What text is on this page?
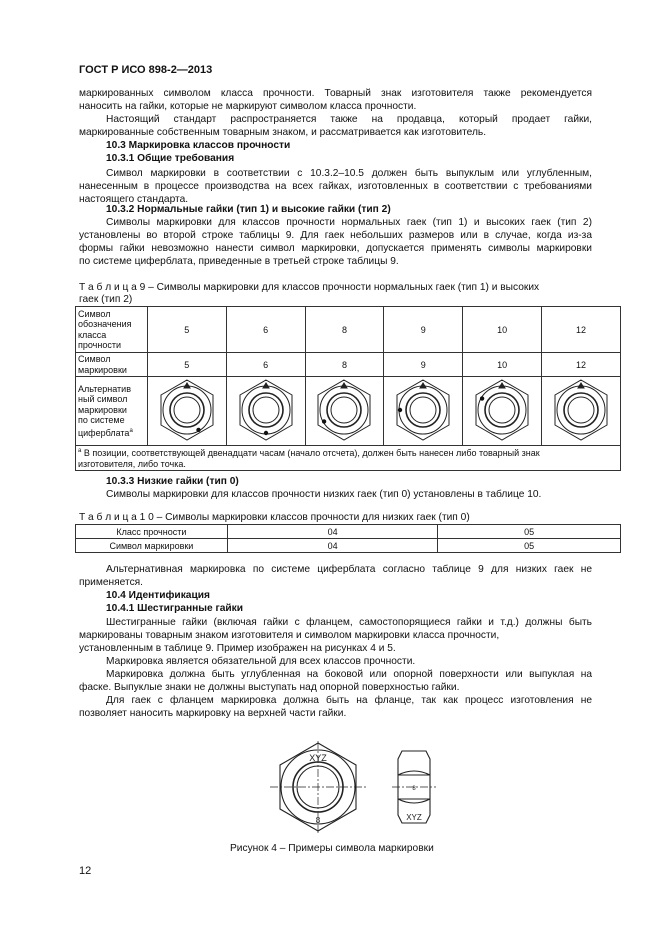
ГОСТ Р ИСО 898-2—2013
маркированных символом класса прочности. Товарный знак изготовителя также рекомендуется
наносить на гайки, которые не маркируют символом класса прочности.
Настоящий стандарт распространяется также на продавца, который продает гайки,
маркированные собственным товарным знаком, и рассматривается как изготовитель.
10.3 Маркировка классов прочности
10.3.1 Общие требования
Символ маркировки в соответствии с 10.3.2–10.5 должен быть выпуклым или углубленным,
нанесенным в процессе производства на всех гайках, изготовленных в соответствии с требованиями
настоящего стандарта.
10.3.2 Нормальные гайки (тип 1) и высокие гайки (тип 2)
Символы маркировки для классов прочности нормальных гаек (тип 1) и высоких гаек (тип 2)
установлены во второй строке таблицы 9. Для гаек небольших размеров или в случае, когда из-за
формы гайки невозможно нанести символ маркировки, допускается применять символы маркировки
по системе циферблата, приведенные в третьей строке таблицы 9.
Т а б л и ц а 9 – Символы маркировки для классов прочности нормальных гаек (тип 1) и высоких
гаек (тип 2)
Символ
обозначения
класса
прочности	5	6	8	9	10	12

Символ
маркировки	5	6	8	9	10	12

Альтернатив
ный символ
маркировки
по системе
циферблата$^a$

$^a$ В позиции, соответствующей двенадцати часам (начало отсчета), должен быть нанесен либо товарный знак
изготовителя, либо точка.						
10.3.3 Низкие гайки (тип 0)
Символы маркировки для классов прочности низких гаек (тип 0) установлены в таблице 10.
Т а б л и ц а 1 0 – Символы маркировки классов прочности для низких гаек (тип 0)
Класс прочности	04	05
Символ маркировки	04	05
Альтернативная маркировка по системе циферблата согласно таблице 9 для низких гаек не
применяется.
10.4 Идентификация
10.4.1 Шестигранные гайки
Шестигранные гайки (включая гайки с фланцем, самостопорящиеся гайки и т.д.) должны быть
маркированы товарным знаком изготовителя и символом маркировки класса прочности,
установленным в таблице 9. Пример изображен на рисунках 4 и 5.
Маркировка является обязательной для всех классов прочности.
Маркировка должна быть углубленная на боковой или опорной поверхности или выпуклая на
фаске. Выпуклые знаки не должны выступать над опорной поверхностью гайки.
Для гаек с фланцем маркировка должна быть на фланце, так как процесс изготовления не
позволяет наносить маркировку на верхней части гайки.
XYZ
8
8
XYZ
Рисунок 4 – Примеры символа маркировки
12
